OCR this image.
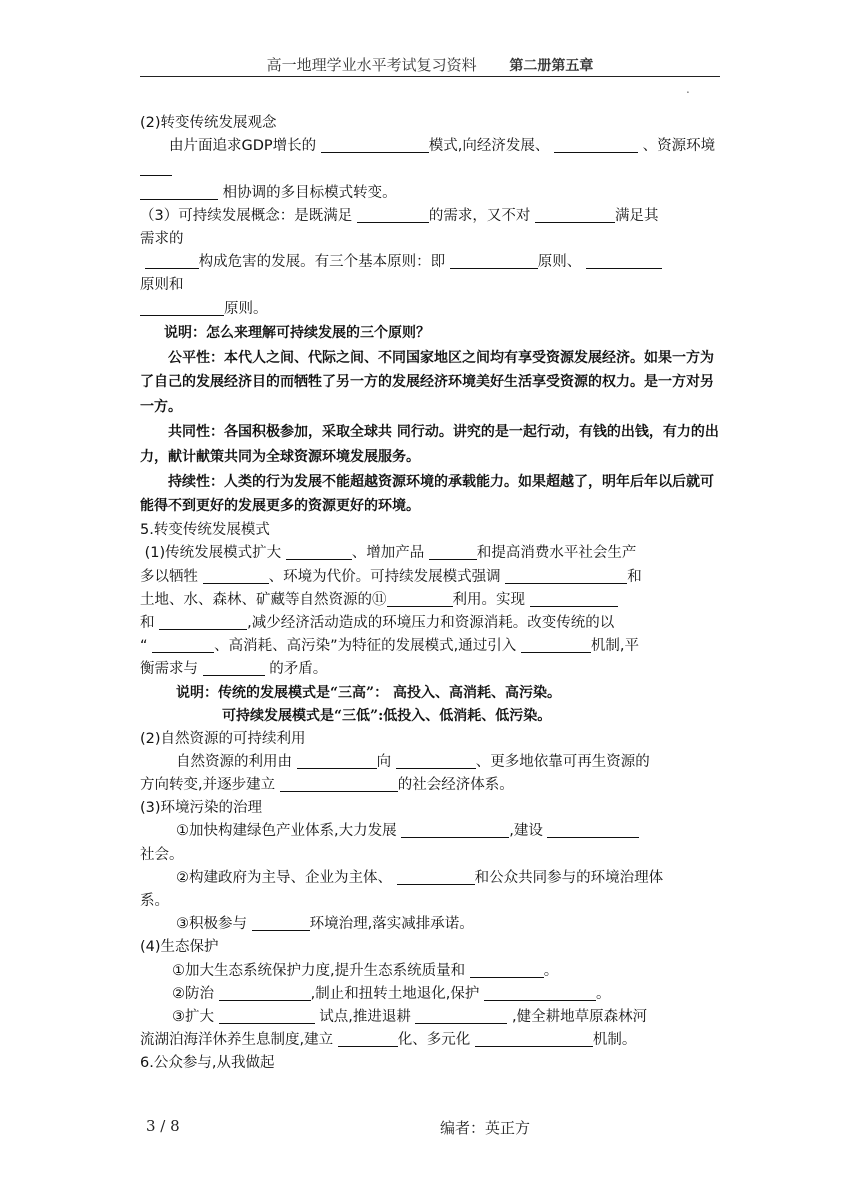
高一地理学业水平考试复习资料 第二册第五章
.

(2)转变传统发展观念

由片面追求GDP增长的	模式,向经济发展、	、资源环境

相协调的多目标模式转变。

（3）可持续发展概念：是既满足	的需求，又不对	满足其

需求的

构成危害的发展。有三个基本原则：即	原则、

原则和

原则。

说明：怎么来理解可持续发展的三个原则？

公平性：本代人之间、代际之间、不同国家地区之间均有享受资源发展经济。如果一方为了自己的发展经济目的而牺牲了另一方的发展经济环境美好生活享受资源的权力。是一方对另一方。

共同性：各国积极参加，采取全球共 同行动。讲究的是一起行动，有钱的出钱，有力的出力，献计献策共同为全球资源环境发展服务。

持续性：人类的行为发展不能超越资源环境的承载能力。如果超越了，明年后年以后就可能得不到更好的发展更多的资源更好的环境。

5.转变传统发展模式

(1)传统发展模式扩大	、增加产品	和提高消费水平社会生产

多以牺牲	、环境为代价。可持续发展模式强调	和

土地、水、森林、矿藏等自然资源的⑪	利用。实现

和	,减少经济活动造成的环境压力和资源消耗。改变传统的以

“	、高消耗、高污染”为特征的发展模式,通过引入	机制,平

衡需求与	的矛盾。

说明：传统的发展模式是“三高”： 高投入、高消耗、高污染。

可持续发展模式是“三低”:低投入、低消耗、低污染。

(2)自然资源的可持续利用

自然资源的利用由	向	、更多地依靠可再生资源的

方向转变,并逐步建立	的社会经济体系。

(3)环境污染的治理

①加快构建绿色产业体系,大力发展	,建设

社会。

②构建政府为主导、企业为主体、	和公众共同参与的环境治理体

系。

③积极参与	环境治理,落实减排承诺。

(4)生态保护

①加大生态系统保护力度,提升生态系统质量和	。

②防治	,制止和扭转土地退化,保护	。

③扩大	试点,推进退耕	,健全耕地草原森林河

流湖泊海洋休养生息制度,建立	化、多元化	机制。

6.公众参与,从我做起

3 / 8	编者：英正方
